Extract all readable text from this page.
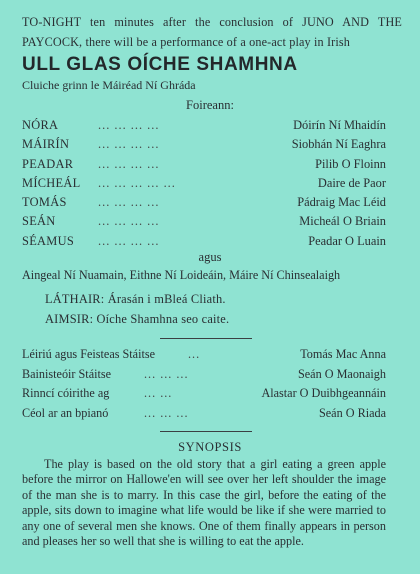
TO-NIGHT ten minutes after the conclusion of JUNO AND THE PAYCOCK, there will be a performance of a one-act play in Irish
ULL GLAS OÍCHE SHAMHNA
Cluiche grinn le Máiréad Ní Ghráda
Foireann:
NÓRA	... ... ... ...	Dóirín Ní Mhaidín
MÁIRÍN ... ... ... ...	Siobhán Ní Eaghra
PEADAR ... ... ... ...	Pilib O Floinn
MÍCHEÁL ... ... ... ... ...	Daire de Paor
TOMÁS	... ... ... ...	Pádraig Mac Léid
SEÁN	... ... ... ...	Micheál O Briain
SÉAMUS ... ... ... ...	Peadar O Luain
agus
Aingeal Ní Nuamain, Eithne Ní Loideáin, Máire Ní Chinsealaigh
LÁTHAIR: Árasán i mBleá Cliath.
AIMSIR: Oíche Shamhna seo caite.
Léiriú agus Feisteas Stáitse	...	Tomás Mac Anna
Bainisteóir Stáitse	... ... ...	Seán O Maonaigh
Rinncí cóirithe ag	... ...	Alastar O Duibhgeannáin
Céol ar an bpianó	... ... ...	Seán O Riada
SYNOPSIS
The play is based on the old story that a girl eating a green apple before the mirror on Hallowe'en will see over her left shoulder the image of the man she is to marry. In this case the girl, before the eating of the apple, sits down to imagine what life would be like if she were married to any one of several men she knows. One of them finally appears in person and pleases her so well that she is willing to eat the apple.
